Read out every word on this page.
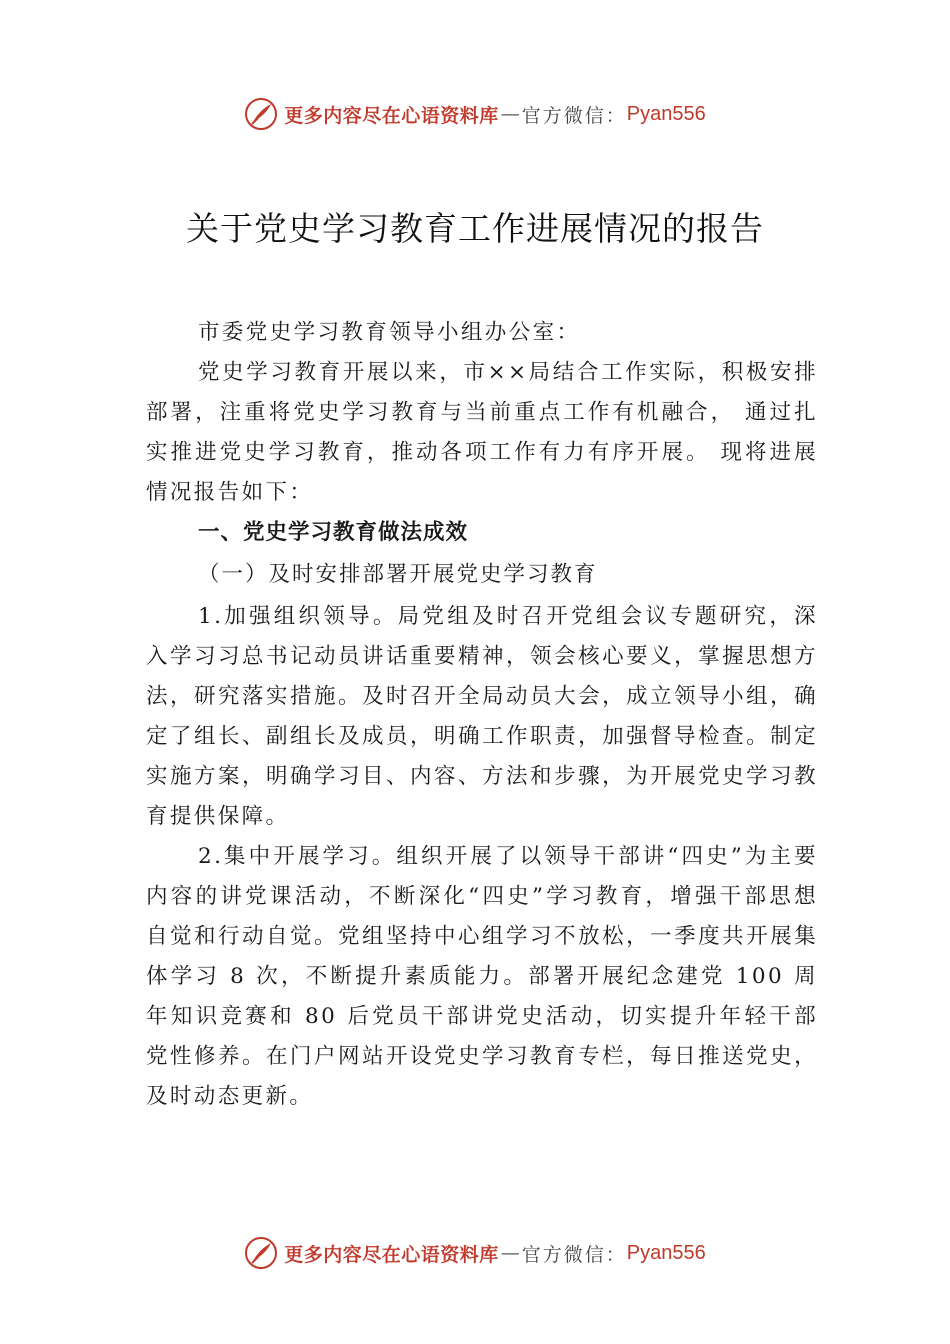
更多内容尽在心语资料库 — 官方微信： Pyan556
关于党史学习教育工作进展情况的报告

市委党史学习教育领导小组办公室：

党史学习教育开展以来，市××局结合工作实际，积极安排部署，注重将党史学习教育与当前重点工作有机融合， 通过扎实推进党史学习教育，推动各项工作有力有序开展。 现将进展情况报告如下：

一、党史学习教育做法成效
（一）及时安排部署开展党史学习教育

1.加强组织领导。局党组及时召开党组会议专题研究，深入学习习总书记动员讲话重要精神，领会核心要义，掌握思想方法，研究落实措施。及时召开全局动员大会，成立领导小组，确定了组长、副组长及成员，明确工作职责，加强督导检查。制定实施方案，明确学习目、内容、方法和步骤，为开展党史学习教育提供保障。

2.集中开展学习。组织开展了以领导干部讲“四史”为主要内容的讲党课活动，不断深化“四史”学习教育，增强干部思想自觉和行动自觉。党组坚持中心组学习不放松，一季度共开展集体学习 8 次，不断提升素质能力。部署开展纪念建党 100 周年知识竞赛和 80 后党员干部讲党史活动，切实提升年轻干部党性修养。在门户网站开设党史学习教育专栏，每日推送党史，及时动态更新。

更多内容尽在心语资料库 — 官方微信： Pyan556
